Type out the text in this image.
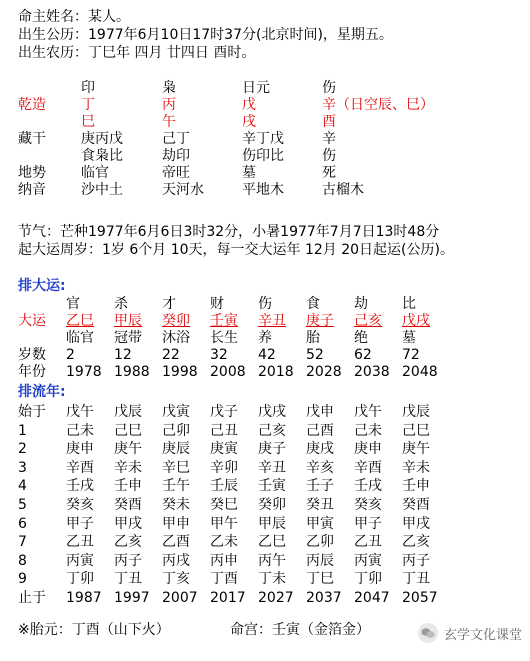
命主姓名：某人。
出生公历：1977年6月10日17时37分(北京时间)，星期五。
出生农历：丁巳年 四月 廿四日 酉时。
印	枭	日元	伤
乾造	丁	丙	戊	辛 （日空辰、巳）
巳	午	戌	酉
藏干	庚丙戊	己丁	辛丁戊	辛
食枭比	劫印	伤印比	伤
地势	临官	帝旺	墓	死
纳音	沙中土	天河水	平地木	古榴木
节气：芒种1977年6月6日3时32分，小暑1977年7月7日13时48分
起大运周岁：1岁 6个月 10天，每一交大运年 12月 20日起运(公历)。
排大运:
官 杀 才 财 伤 食 劫 比
大运 乙巳 甲辰 癸卯 壬寅 辛丑 庚子 己亥 戊戌
临官 冠带 沐浴 长生 养 胎 绝 墓
岁数 2	12 22 32 42 52 62 72
年份 1978 1988 1998 2008 2018 2028 2038 2048
排流年:
始于 戊午 戊辰 戊寅 戊子 戊戌 戊申 戊午 戊辰
1	己未 己巳 己卯 己丑 己亥 己酉 己未 己巳
2	庚申 庚午 庚辰 庚寅 庚子 庚戌 庚申 庚午
3	辛酉 辛未 辛巳 辛卯 辛丑 辛亥 辛酉 辛未
4	壬戌 壬申 壬午 壬辰 壬寅 壬子 壬戌 壬申
5	癸亥 癸酉 癸未 癸巳 癸卯 癸丑 癸亥 癸酉
6	甲子 甲戌 甲申 甲午 甲辰 甲寅 甲子 甲戌
7	乙丑 乙亥 乙酉 乙未 乙巳 乙卯 乙丑 乙亥
8	丙寅 丙子 丙戌 丙申 丙午 丙辰 丙寅 丙子
9	丁卯 丁丑 丁亥 丁酉 丁未 丁巳 丁卯 丁丑
止于 1987 1997 2007 2017 2027 2037 2047 2057
※胎元：丁酉（山下火）	命宫：壬寅（金箔金）	玄学文化课堂
